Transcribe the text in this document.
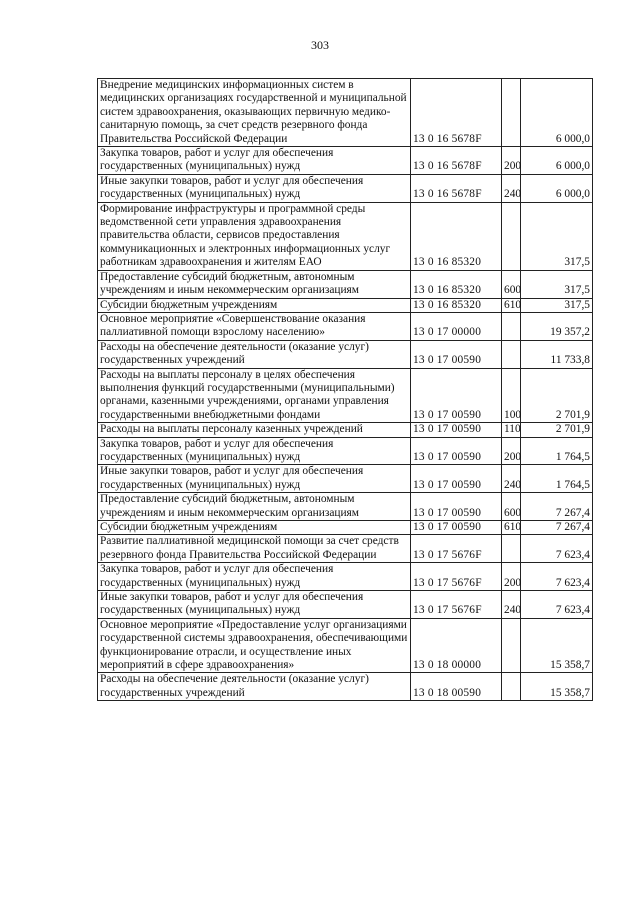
303
Внедрение медицинских информационных систем в медицинских организациях государственной и муниципальной систем здравоохранения, оказывающих первичную медико-санитарную помощь, за счет средств резервного фонда Правительства Российской Федерации	13 0 16 5678F		6 000,0
Закупка товаров, работ и услуг для обеспечения государственных (муниципальных) нужд	13 0 16 5678F	200	6 000,0
Иные закупки товаров, работ и услуг для обеспечения государственных (муниципальных) нужд	13 0 16 5678F	240	6 000,0
Формирование инфраструктуры и программной среды ведомственной сети управления здравоохранения правительства области, сервисов предоставления коммуникационных и электронных информационных услуг работникам здравоохранения и жителям ЕАО	13 0 16 85320		317,5
Предоставление субсидий бюджетным, автономным учреждениям и иным некоммерческим организациям	13 0 16 85320	600	317,5
Субсидии бюджетным учреждениям	13 0 16 85320	610	317,5
Основное мероприятие «Совершенствование оказания паллиативной помощи взрослому населению»	13 0 17 00000		19 357,2
Расходы на обеспечение деятельности (оказание услуг) государственных учреждений	13 0 17 00590		11 733,8
Расходы на выплаты персоналу в целях обеспечения выполнения функций государственными (муниципальными) органами, казенными учреждениями, органами управления государственными внебюджетными фондами	13 0 17 00590	100	2 701,9
Расходы на выплаты персоналу казенных учреждений	13 0 17 00590	110	2 701,9
Закупка товаров, работ и услуг для обеспечения государственных (муниципальных) нужд	13 0 17 00590	200	1 764,5
Иные закупки товаров, работ и услуг для обеспечения государственных (муниципальных) нужд	13 0 17 00590	240	1 764,5
Предоставление субсидий бюджетным, автономным учреждениям и иным некоммерческим организациям	13 0 17 00590	600	7 267,4
Субсидии бюджетным учреждениям	13 0 17 00590	610	7 267,4
Развитие паллиативной медицинской помощи за счет средств резервного фонда Правительства Российской Федерации	13 0 17 5676F		7 623,4
Закупка товаров, работ и услуг для обеспечения государственных (муниципальных) нужд	13 0 17 5676F	200	7 623,4
Иные закупки товаров, работ и услуг для обеспечения государственных (муниципальных) нужд	13 0 17 5676F	240	7 623,4
Основное мероприятие «Предоставление услуг организациями государственной системы здравоохранения, обеспечивающими функционирование отрасли, и осуществление иных мероприятий в сфере здравоохранения»	13 0 18 00000		15 358,7
Расходы на обеспечение деятельности (оказание услуг) государственных учреждений	13 0 18 00590		15 358,7
